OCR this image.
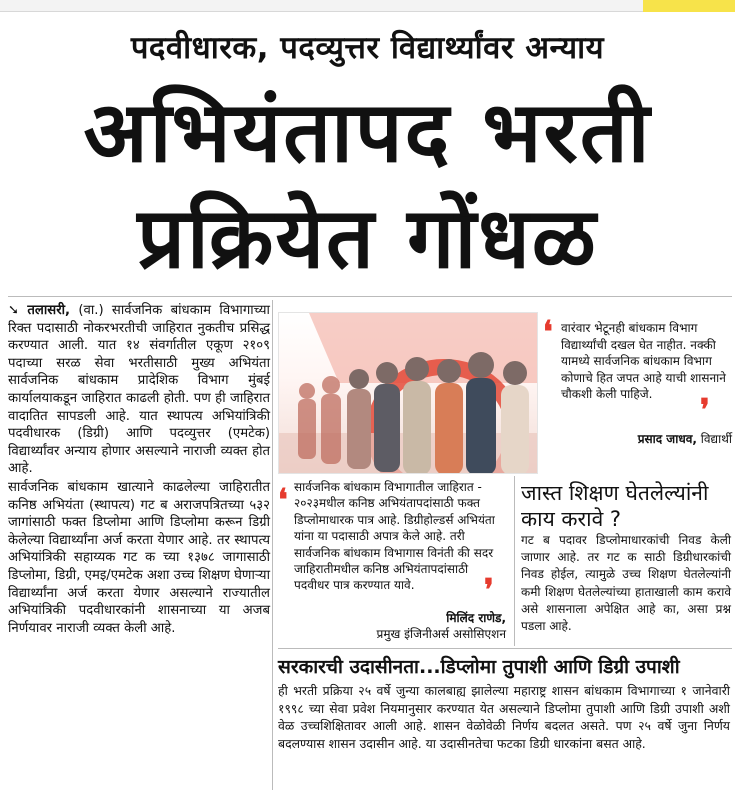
पदवीधारक, पदव्युत्तर विद्यार्थ्यांवर अन्याय
अभियंतापद भरती
प्रक्रियेत गोंधळ

➘ तलासरी, (वा.) सार्वजनिक बांधकाम विभागाच्या रिक्त पदासाठी नोकरभरतीची जाहिरात नुकतीच प्रसिद्ध करण्यात आली. यात १४ संवर्गातील एकूण २१०९ पदाच्या सरळ सेवा भरतीसाठी मुख्य अभियंता सार्वजनिक बांधकाम प्रादेशिक विभाग मुंबई कार्यालयाकडून जाहिरात काढली होती. पण ही जाहिरात वादातित सापडली आहे. यात स्थापत्य अभियांत्रिकी पदवीधारक (डिग्री) आणि पदव्युत्तर (एमटेक) विद्यार्थ्यांवर अन्याय होणार असल्याने नाराजी व्यक्त होत आहे.

सार्वजनिक बांधकाम खात्याने काढलेल्या जाहिरातीत कनिष्ठ अभियंता (स्थापत्य) गट ब अराजपत्रितच्या ५३२ जागांसाठी फक्त डिप्लोमा आणि डिप्लोमा करून डिग्री केलेल्या विद्यार्थ्यांना अर्ज करता येणार आहे. तर स्थापत्य अभियांत्रिकी सहाय्यक गट क च्या १३७८ जागासाठी डिप्लोमा, डिग्री, एमइ/एमटेक अशा उच्च शिक्षण घेणाऱ्या विद्यार्थ्यांना अर्ज करता येणार असल्याने राज्यातील अभियांत्रिकी पदवीधारकांनी शासनाच्या या अजब निर्णयावर नाराजी व्यक्त केली आहे.

❛ वारंवार भेटूनही बांधकाम विभाग विद्यार्थ्यांची दखल घेत नाहीत. नक्की यामध्ये सार्वजनिक बांधकाम विभाग कोणाचे हित जपत आहे याची शासनाने चौकशी केली पाहिजे.	❜
प्रसाद जाधव, विद्यार्थी
❛ सार्वजनिक बांधकाम विभागातील जाहिरात - २०२३मधील कनिष्ठ अभियंतापदांसाठी फक्त डिप्लोमाधारक पात्र आहे. डिग्रीहोल्डर्स अभियंता यांना या पदासाठी अपात्र केले आहे. तरी सार्वजनिक बांधकाम विभागास विनंती की सदर जाहिरातीमधील कनिष्ठ अभियंतापदांसाठी पदवीधर पात्र करण्यात यावे.	❜
मिलिंद राणेड,
प्रमुख इंजिनीअर्स असोसिएशन
जास्त शिक्षण घेतलेल्यांनी काय करावे ?
गट ब पदावर डिप्लोमाधारकांची निवड केली जाणार आहे. तर गट क साठी डिग्रीधारकांची निवड होईल, त्यामुळे उच्च शिक्षण घेतलेल्यांनी कमी शिक्षण घेतलेल्यांच्या हाताखाली काम करावे असे शासनाला अपेक्षित आहे का, असा प्रश्न पडला आहे.
सरकारची उदासीनता...डिप्लोमा तुपाशी आणि डिग्री उपाशी
ही भरती प्रक्रिया २५ वर्षे जुन्या कालबाह्य झालेल्या महाराष्ट्र शासन बांधकाम विभागाच्या १ जानेवारी १९९८ च्या सेवा प्रवेश नियमानुसार करण्यात येत असल्याने डिप्लोमा तुपाशी आणि डिग्री उपाशी अशी वेळ उच्चशिक्षितावर आली आहे. शासन वेळोवेळी निर्णय बदलत असते. पण २५ वर्षे जुना निर्णय बदलण्यास शासन उदासीन आहे. या उदासीनतेचा फटका डिग्री धारकांना बसत आहे.
